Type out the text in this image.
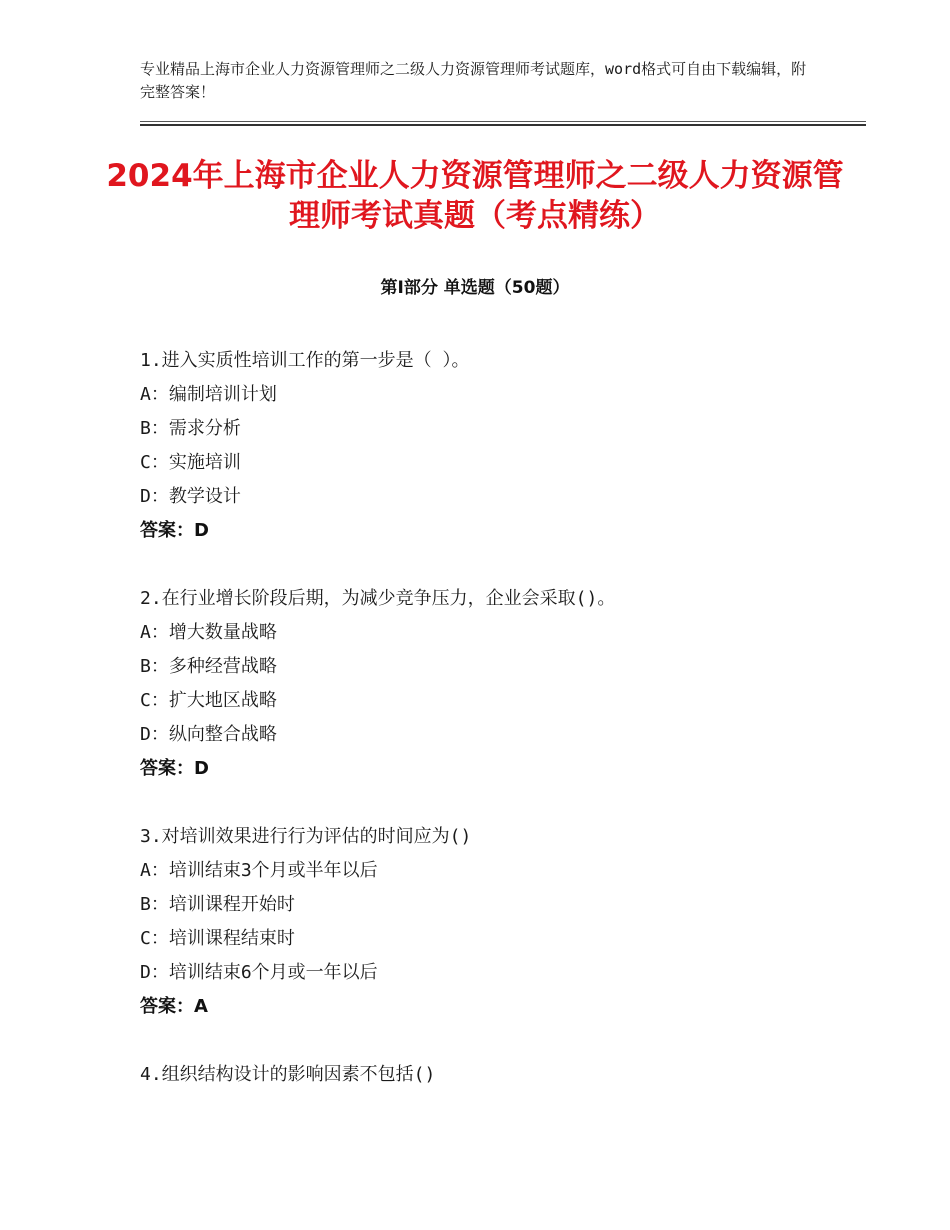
专业精品上海市企业人力资源管理师之二级人力资源管理师考试题库，word格式可自由下载编辑，附完整答案！
2024年上海市企业人力资源管理师之二级人力资源管理师考试真题（考点精练）
第Ⅰ部分 单选题（50题）
1.进入实质性培训工作的第一步是（ ）。
A：编制培训计划
B：需求分析
C：实施培训
D：教学设计
答案：D
2.在行业增长阶段后期，为减少竞争压力，企业会采取()。
A：增大数量战略
B：多种经营战略
C：扩大地区战略
D：纵向整合战略
答案：D
3.对培训效果进行行为评估的时间应为()
A：培训结束3个月或半年以后
B：培训课程开始时
C：培训课程结束时
D：培训结束6个月或一年以后
答案：A
4.组织结构设计的影响因素不包括()
